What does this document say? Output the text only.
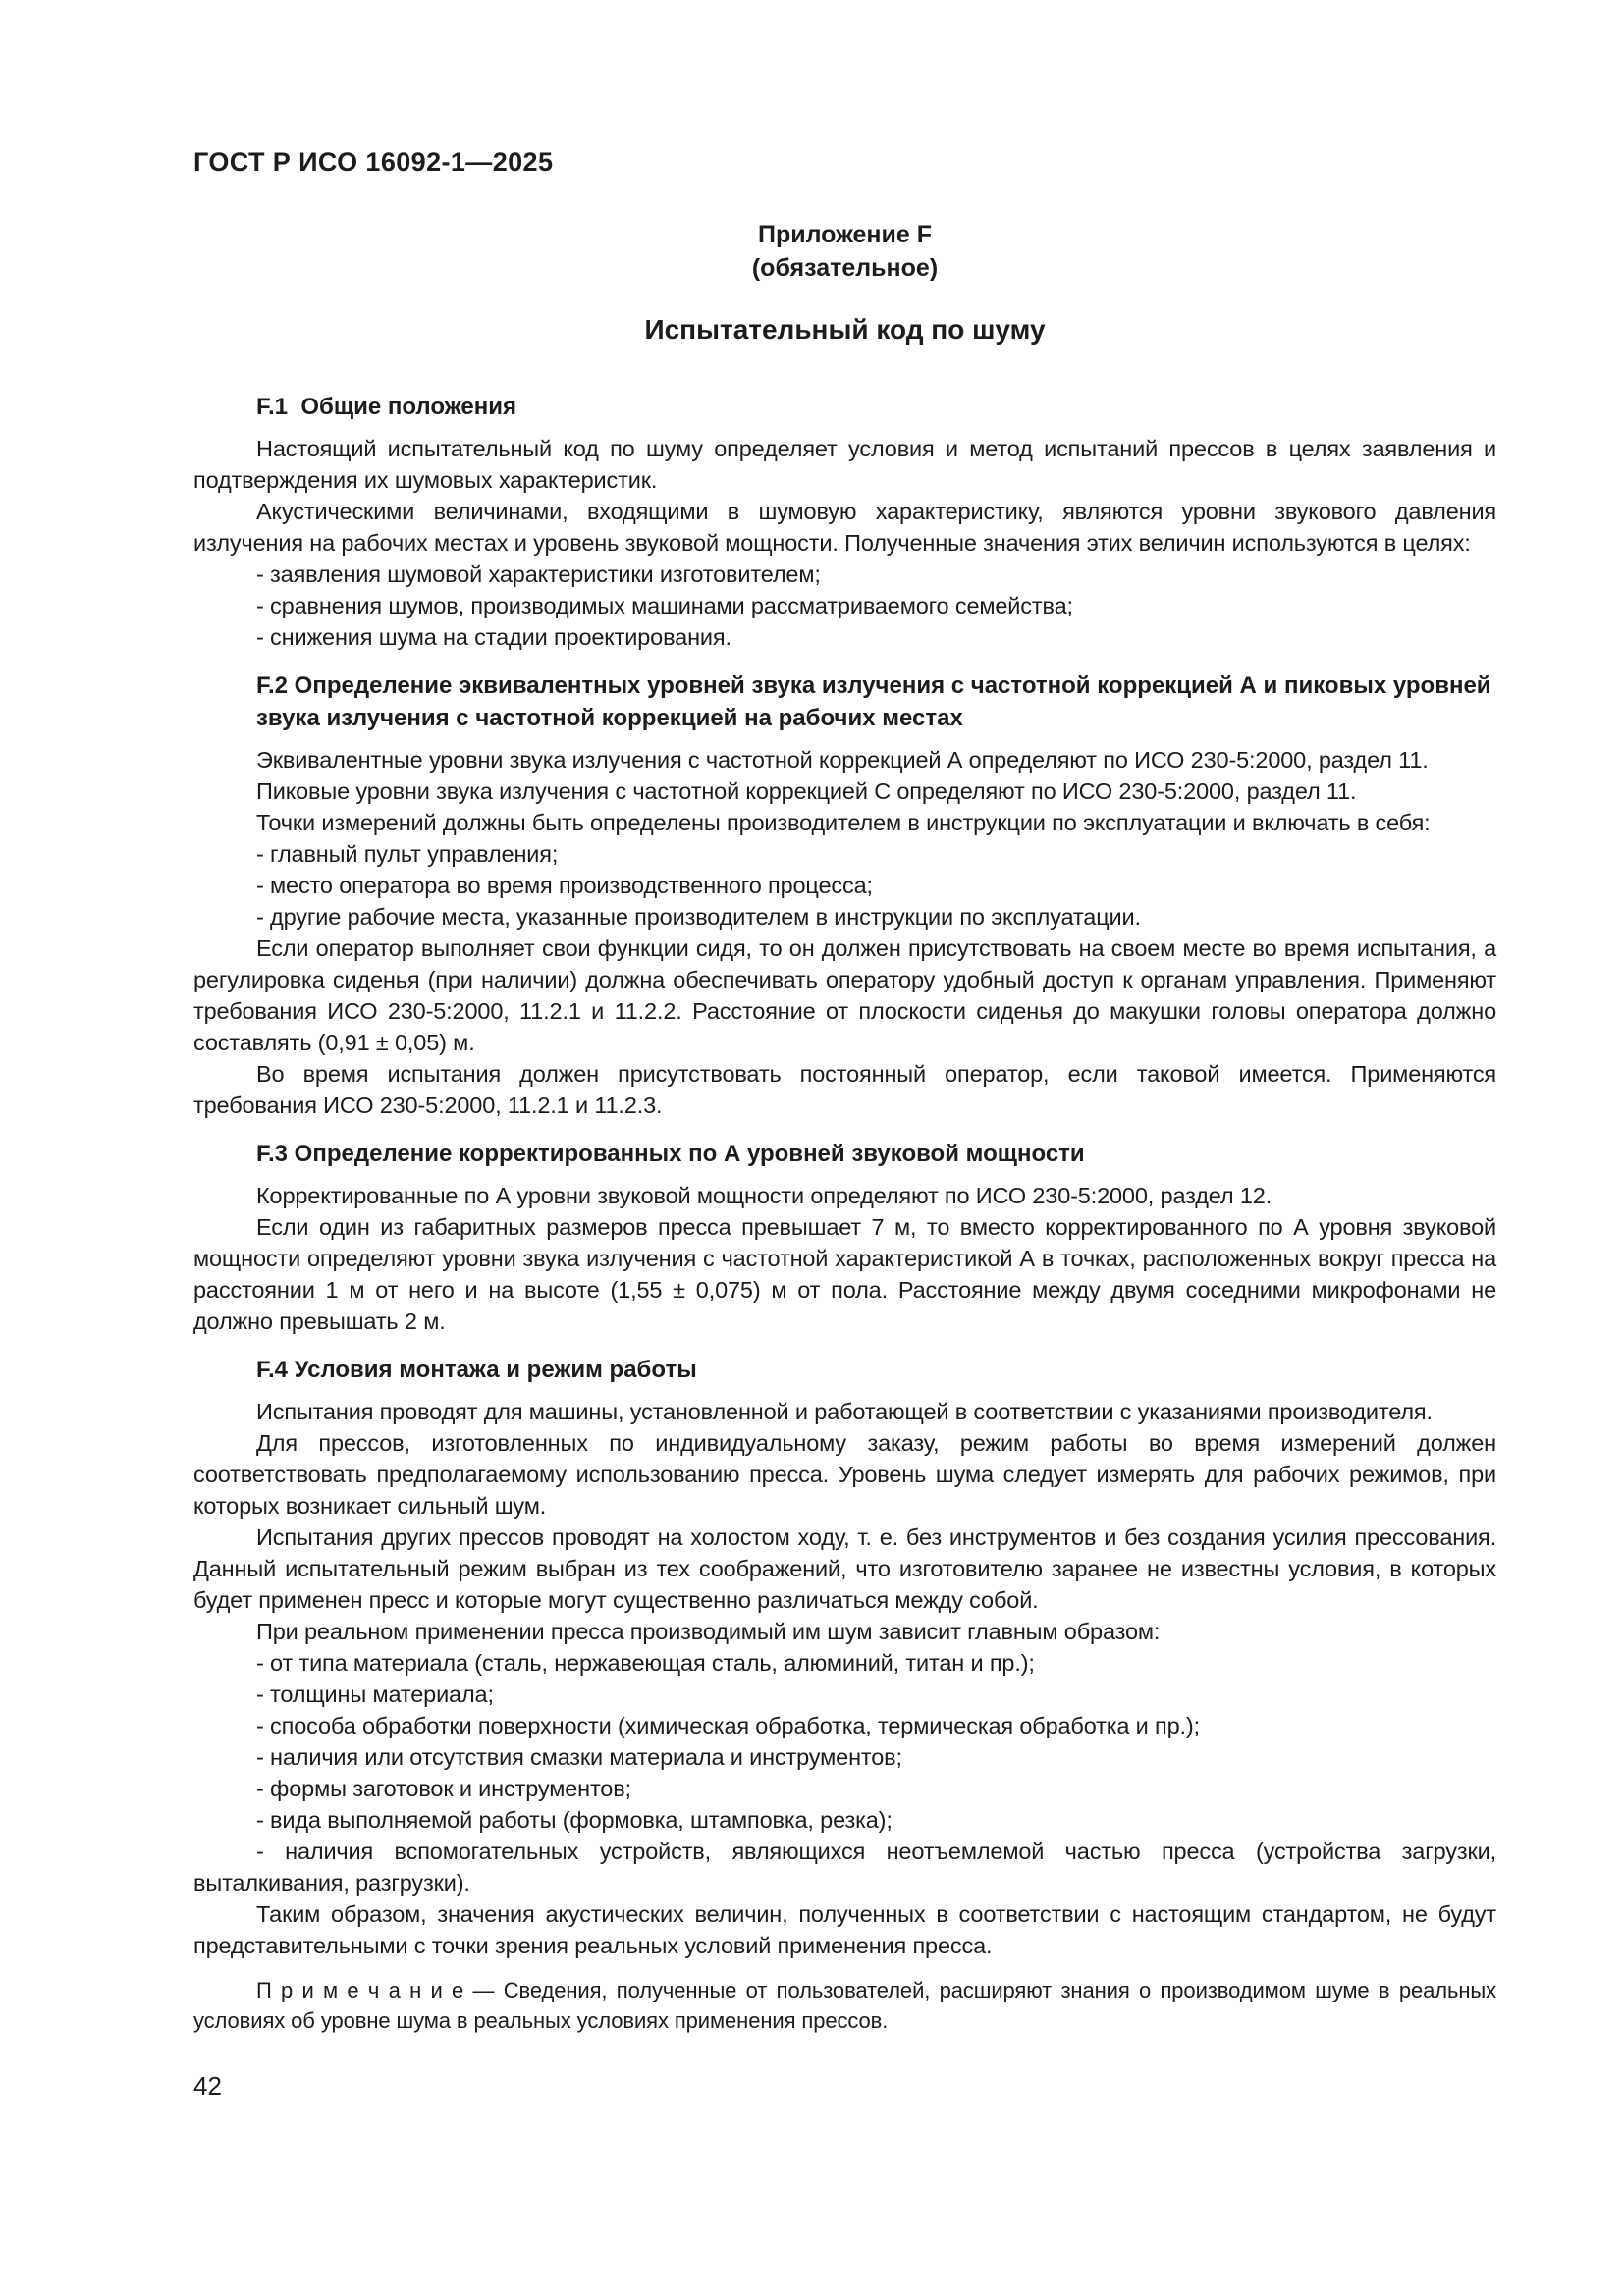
ГОСТ Р ИСО 16092-1—2025
Приложение F
(обязательное)
Испытательный код по шуму
F.1  Общие положения
Настоящий испытательный код по шуму определяет условия и метод испытаний прессов в целях заявления и подтверждения их шумовых характеристик.
Акустическими величинами, входящими в шумовую характеристику, являются уровни звукового давления излучения на рабочих местах и уровень звуковой мощности. Полученные значения этих величин используются в целях:
- заявления шумовой характеристики изготовителем;
- сравнения шумов, производимых машинами рассматриваемого семейства;
- снижения шума на стадии проектирования.
F.2 Определение эквивалентных уровней звука излучения с частотной коррекцией А и пиковых уровней звука излучения с частотной коррекцией на рабочих местах
Эквивалентные уровни звука излучения с частотной коррекцией А определяют по ИСО 230-5:2000, раздел 11.
Пиковые уровни звука излучения с частотной коррекцией С определяют по ИСО 230-5:2000, раздел 11.
Точки измерений должны быть определены производителем в инструкции по эксплуатации и включать в себя:
- главный пульт управления;
- место оператора во время производственного процесса;
- другие рабочие места, указанные производителем в инструкции по эксплуатации.
Если оператор выполняет свои функции сидя, то он должен присутствовать на своем месте во время испытания, а регулировка сиденья (при наличии) должна обеспечивать оператору удобный доступ к органам управления. Применяют требования ИСО 230-5:2000, 11.2.1 и 11.2.2. Расстояние от плоскости сиденья до макушки головы оператора должно составлять (0,91 ± 0,05) м.
Во время испытания должен присутствовать постоянный оператор, если таковой имеется. Применяются требования ИСО 230-5:2000, 11.2.1 и 11.2.3.
F.3 Определение корректированных по А уровней звуковой мощности
Корректированные по А уровни звуковой мощности определяют по ИСО 230-5:2000, раздел 12.
Если один из габаритных размеров пресса превышает 7 м, то вместо корректированного по А уровня звуковой мощности определяют уровни звука излучения с частотной характеристикой А в точках, расположенных вокруг пресса на расстоянии 1 м от него и на высоте (1,55 ± 0,075) м от пола. Расстояние между двумя соседними микрофонами не должно превышать 2 м.
F.4 Условия монтажа и режим работы
Испытания проводят для машины, установленной и работающей в соответствии с указаниями производителя.
Для прессов, изготовленных по индивидуальному заказу, режим работы во время измерений должен соответствовать предполагаемому использованию пресса. Уровень шума следует измерять для рабочих режимов, при которых возникает сильный шум.
Испытания других прессов проводят на холостом ходу, т. е. без инструментов и без создания усилия прессования. Данный испытательный режим выбран из тех соображений, что изготовителю заранее не известны условия, в которых будет применен пресс и которые могут существенно различаться между собой.
При реальном применении пресса производимый им шум зависит главным образом:
- от типа материала (сталь, нержавеющая сталь, алюминий, титан и пр.);
- толщины материала;
- способа обработки поверхности (химическая обработка, термическая обработка и пр.);
- наличия или отсутствия смазки материала и инструментов;
- формы заготовок и инструментов;
- вида выполняемой работы (формовка, штамповка, резка);
- наличия вспомогательных устройств, являющихся неотъемлемой частью пресса (устройства загрузки, выталкивания, разгрузки).
Таким образом, значения акустических величин, полученных в соответствии с настоящим стандартом, не будут представительными с точки зрения реальных условий применения пресса.
П р и м е ч а н и е — Сведения, полученные от пользователей, расширяют знания о производимом шуме в реальных условиях об уровне шума в реальных условиях применения прессов.
42
